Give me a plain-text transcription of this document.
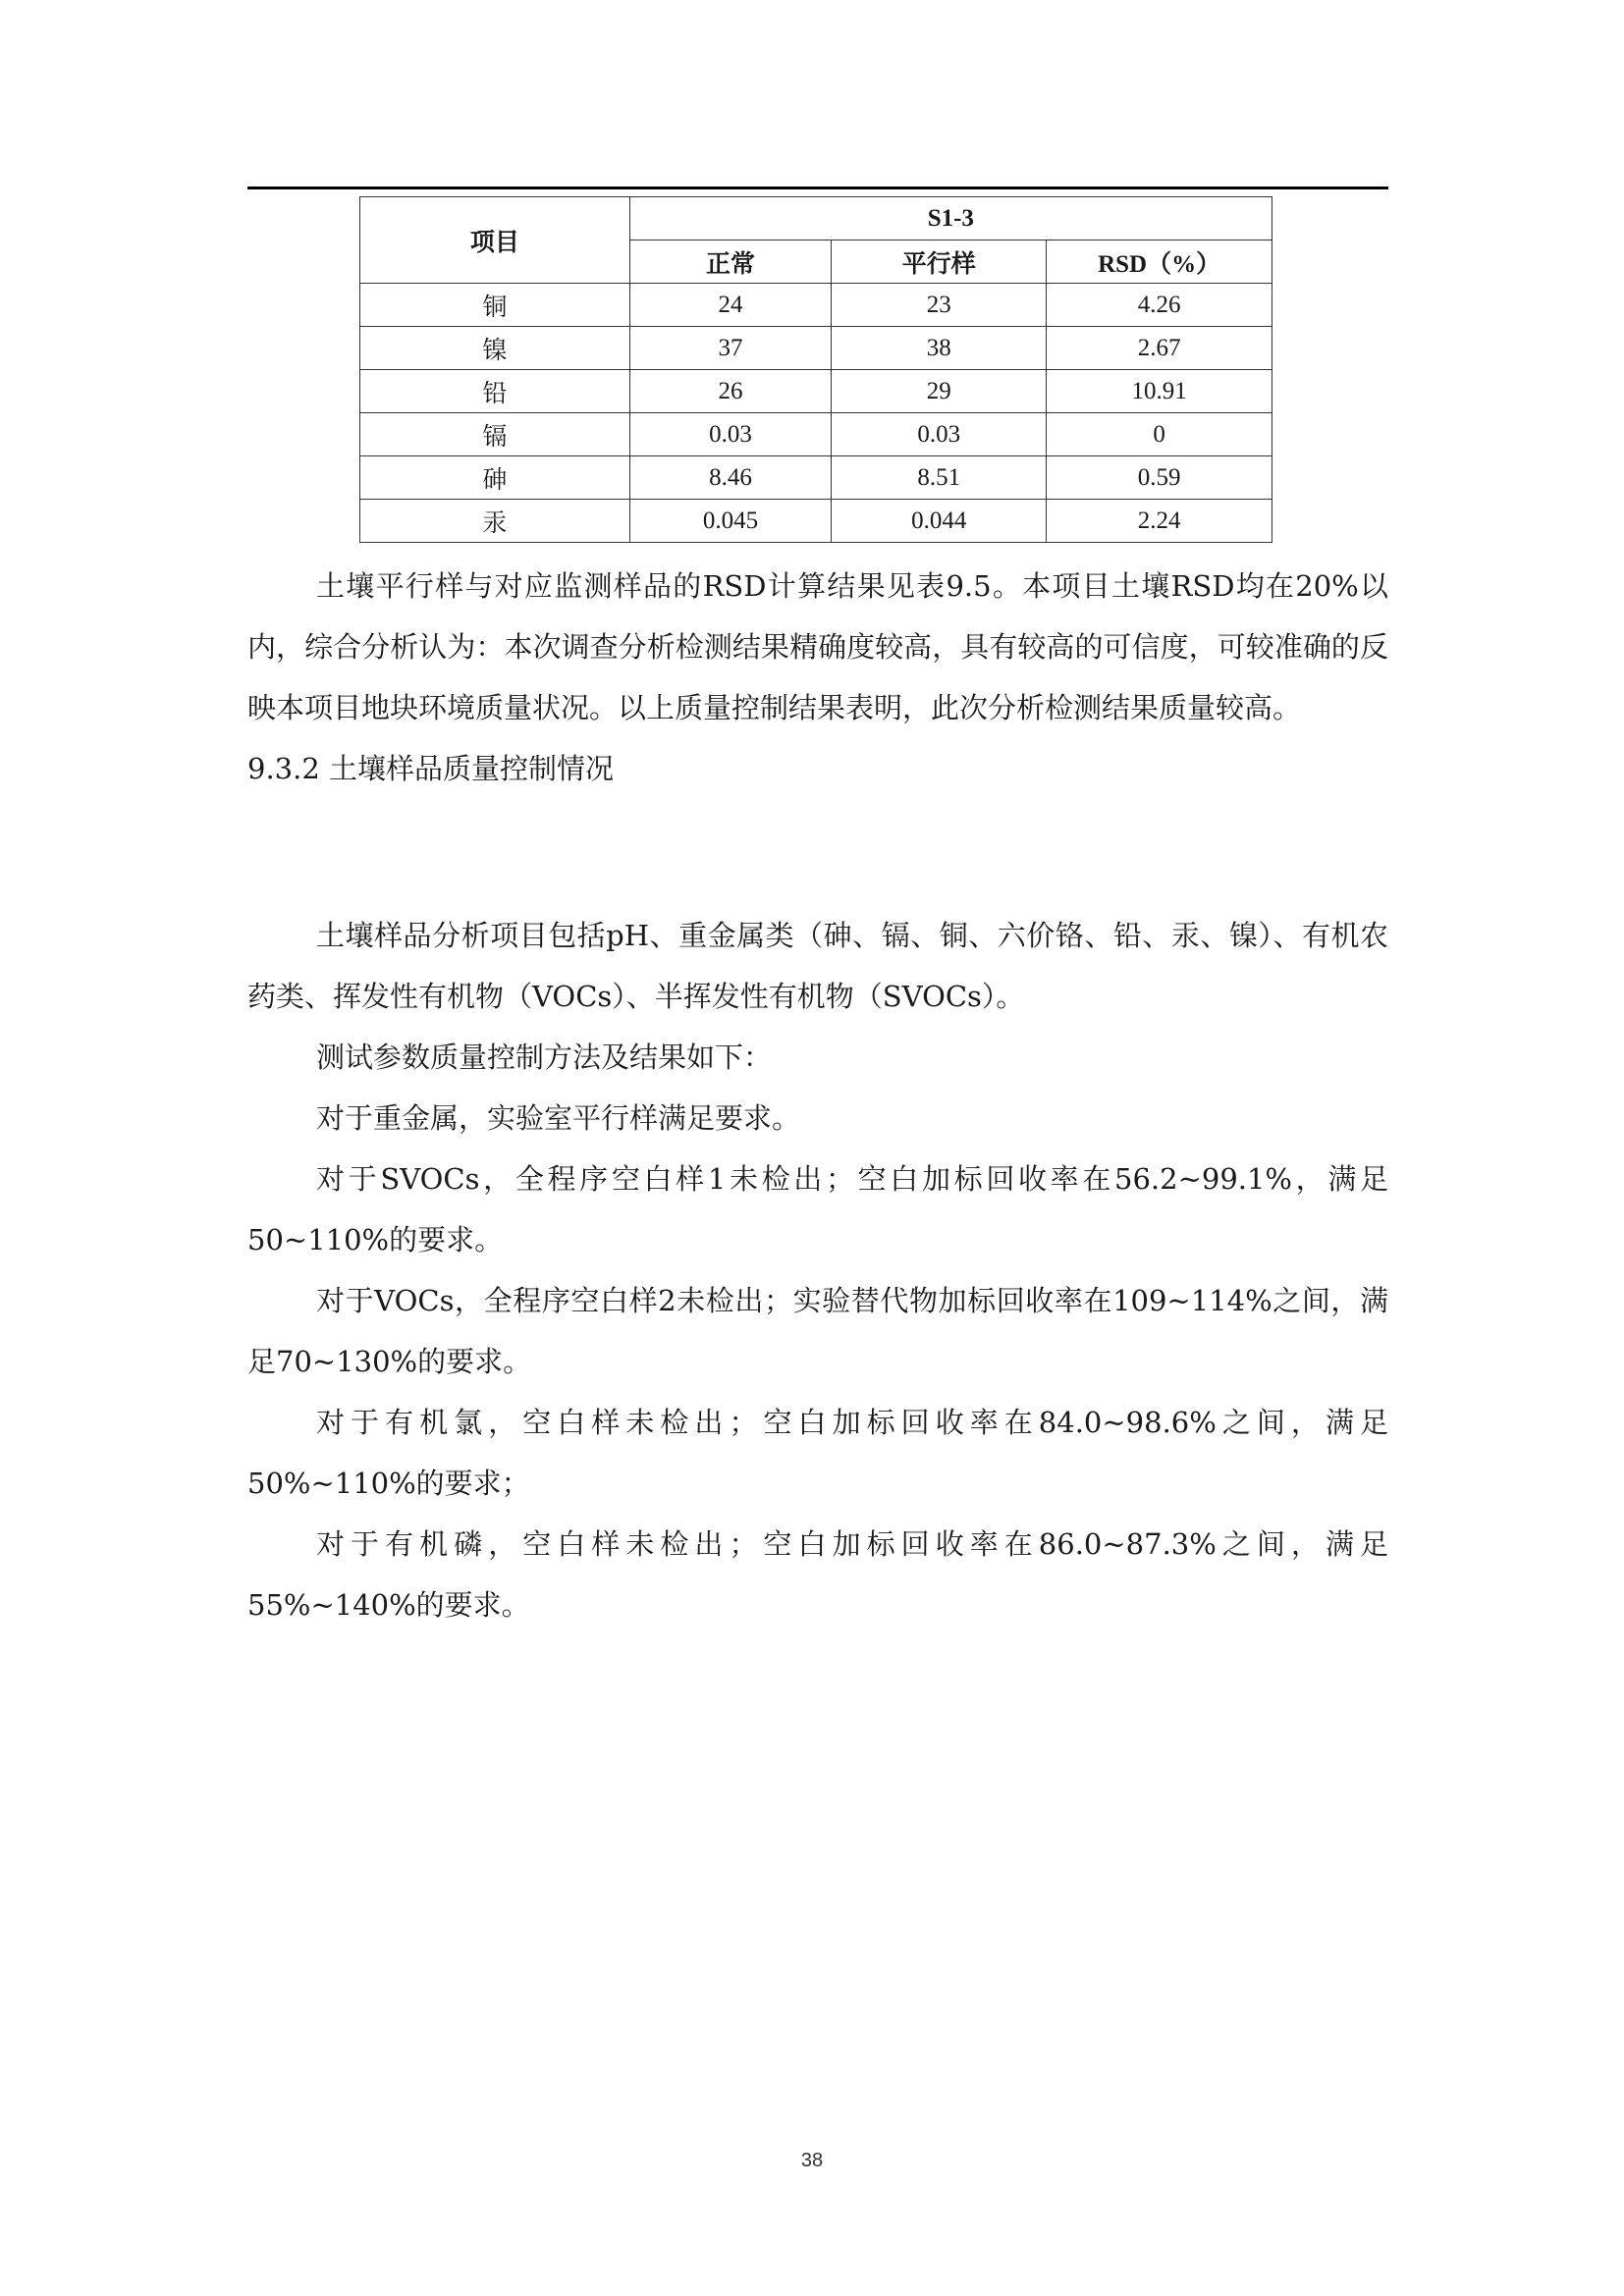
项目	S1-3		
	正常	平行样	RSD（%）
铜	24	23	4.26
镍	37	38	2.67
铅	26	29	10.91
镉	0.03	0.03	0
砷	8.46	8.51	0.59
汞	0.045	0.044	2.24

土壤平行样与对应监测样品的RSD计算结果见表9.5。本项目土壤RSD均在20%以内，综合分析认为：本次调查分析检测结果精确度较高，具有较高的可信度，可较准确的反映本项目地块环境质量状况。以上质量控制结果表明，此次分析检测结果质量较高。

9.3.2 土壤样品质量控制情况

土壤样品分析项目包括pH、重金属类（砷、镉、铜、六价铬、铅、汞、镍）、有机农药类、挥发性有机物（VOCs）、半挥发性有机物（SVOCs）。

测试参数质量控制方法及结果如下：

对于重金属，实验室平行样满足要求。

对于SVOCs，全程序空白样1未检出；空白加标回收率在56.2~99.1%，满足50~110%的要求。

对于VOCs，全程序空白样2未检出；实验替代物加标回收率在109~114%之间，满足70~130%的要求。

对于有机氯，空白样未检出；空白加标回收率在84.0~98.6%之间，满足50%~110%的要求；

对于有机磷，空白样未检出；空白加标回收率在86.0~87.3%之间，满足55%~140%的要求。

38
